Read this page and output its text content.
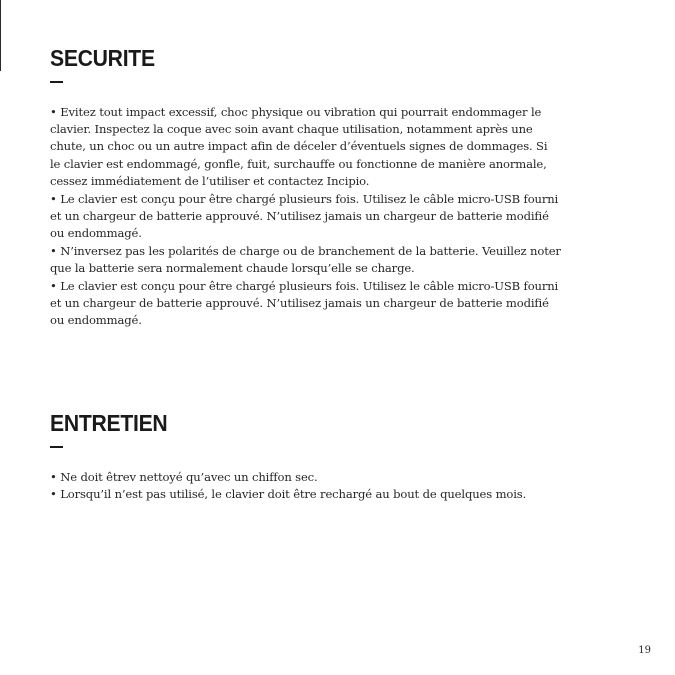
SECURITE

• Evitez tout impact excessif, choc physique ou vibration qui pourrait endommager le

clavier. Inspectez la coque avec soin avant chaque utilisation, notamment après une

chute, un choc ou un autre impact afin de déceler d’éventuels signes de dommages. Si

le clavier est endommagé, gonfle, fuit, surchauffe ou fonctionne de manière anormale,

cessez immédiatement de l’utiliser et contactez Incipio.

• Le clavier est conçu pour être chargé plusieurs fois. Utilisez le câble micro-USB fourni

et un chargeur de batterie approuvé. N’utilisez jamais un chargeur de batterie modifié

ou endommagé.

• N’inversez pas les polarités de charge ou de branchement de la batterie. Veuillez noter

que la batterie sera normalement chaude lorsqu’elle se charge.

• Le clavier est conçu pour être chargé plusieurs fois. Utilisez le câble micro-USB fourni

et un chargeur de batterie approuvé. N’utilisez jamais un chargeur de batterie modifié

ou endommagé.

ENTRETIEN

• Ne doit êtrev nettoyé qu’avec un chiffon sec.

• Lorsqu’il n’est pas utilisé, le clavier doit être rechargé au bout de quelques mois.

19
